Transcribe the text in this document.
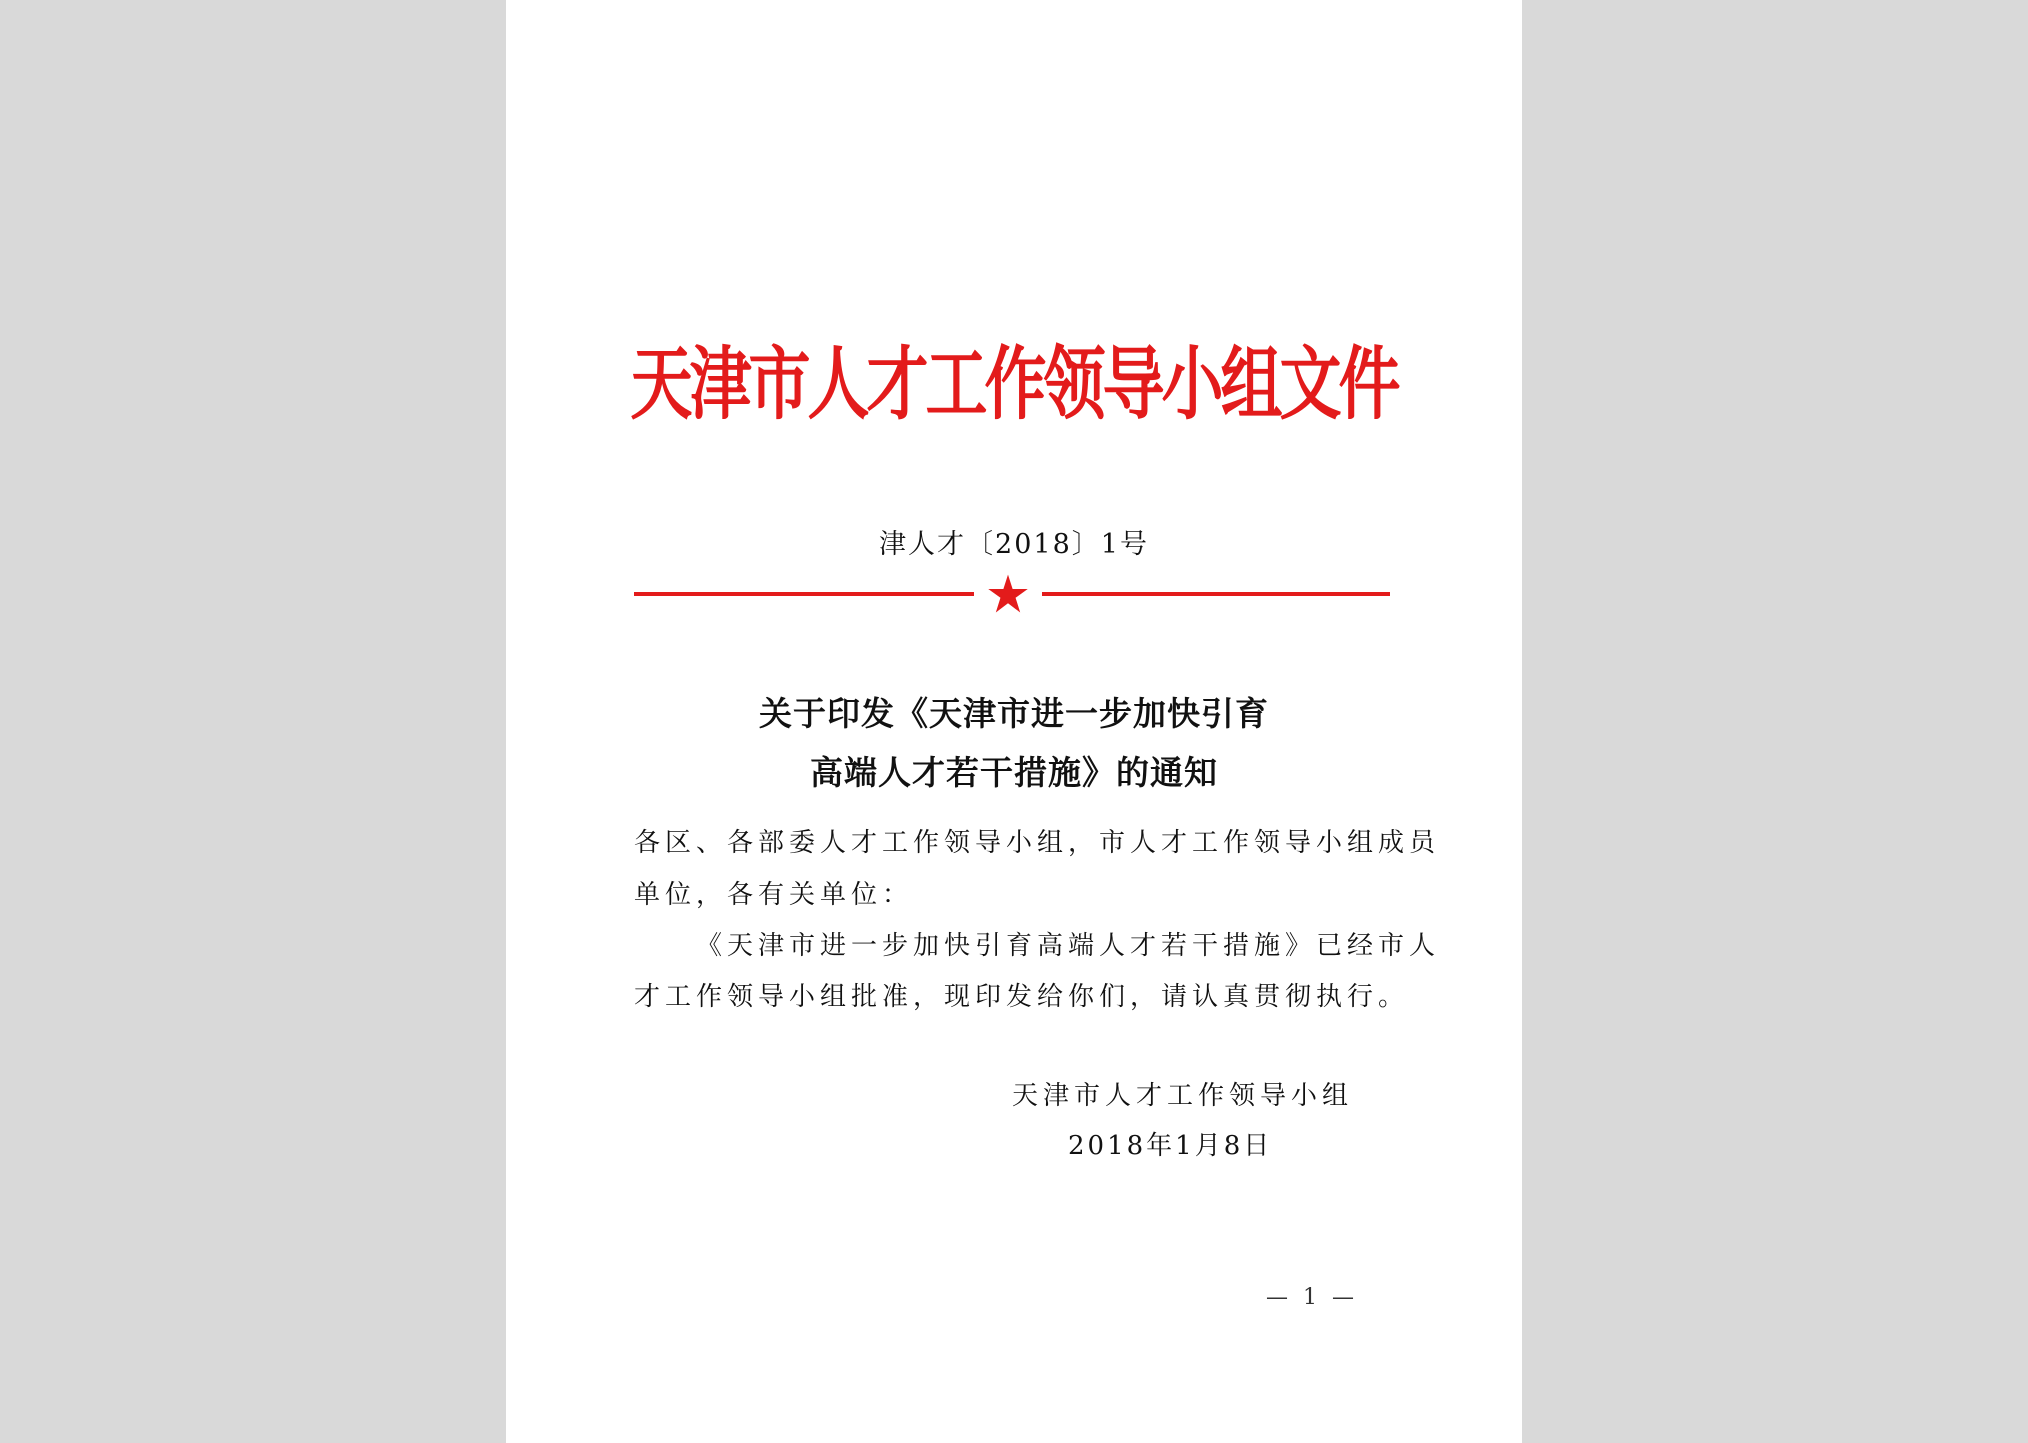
天津市人才工作领导小组文件
津人才〔2018〕1号
关于印发《天津市进一步加快引育
高端人才若干措施》的通知
各区、各部委人才工作领导小组，市人才工作领导小组成员
单位，各有关单位：
《天津市进一步加快引育高端人才若干措施》已经市人
才工作领导小组批准，现印发给你们，请认真贯彻执行。
天津市人才工作领导小组
2018年1月8日
— 1 —
